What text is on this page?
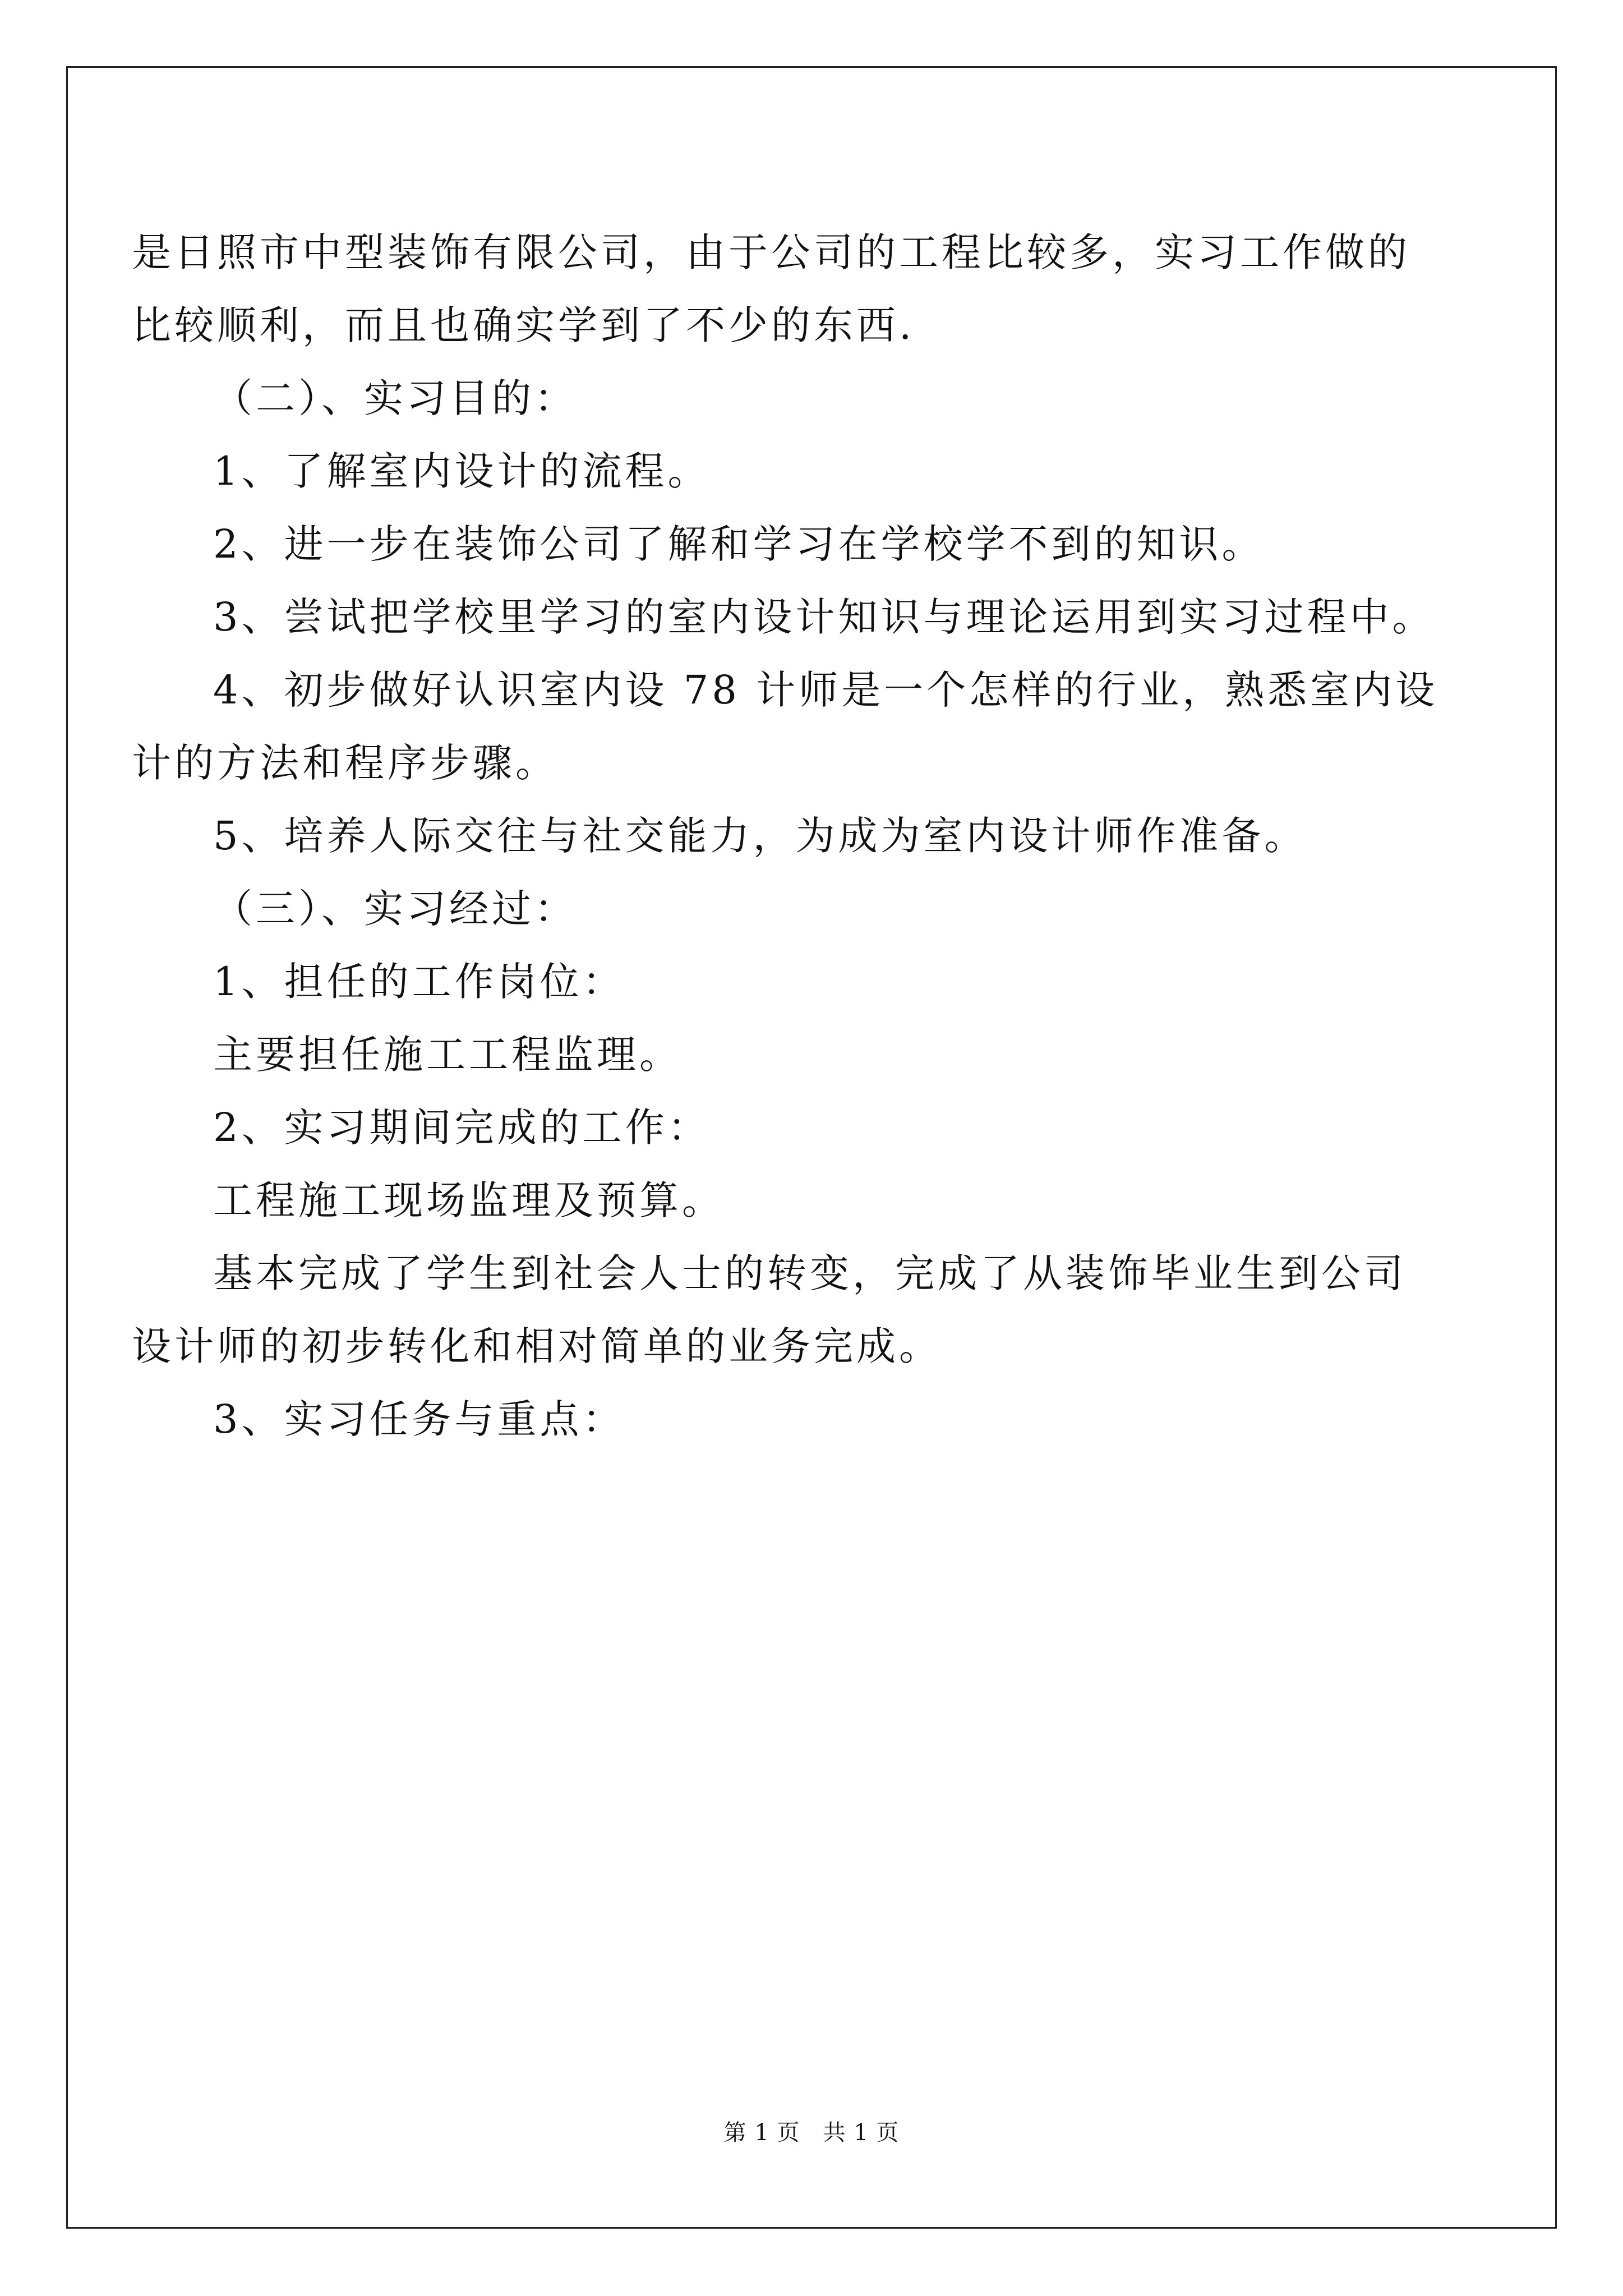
是日照市中型装饰有限公司，由于公司的工程比较多，实习工作做的

比较顺利，而且也确实学到了不少的东西.

（二）、实习目的：

1、了解室内设计的流程。

2、进一步在装饰公司了解和学习在学校学不到的知识。

3、尝试把学校里学习的室内设计知识与理论运用到实习过程中。

4、初步做好认识室内设 78 计师是一个怎样的行业，熟悉室内设

计的方法和程序步骤。

5、培养人际交往与社交能力，为成为室内设计师作准备。

（三）、实习经过：

1、担任的工作岗位：

主要担任施工工程监理。

2、实习期间完成的工作：

工程施工现场监理及预算。

基本完成了学生到社会人士的转变，完成了从装饰毕业生到公司

设计师的初步转化和相对简单的业务完成。

3、实习任务与重点：

第 1 页　共 1 页
